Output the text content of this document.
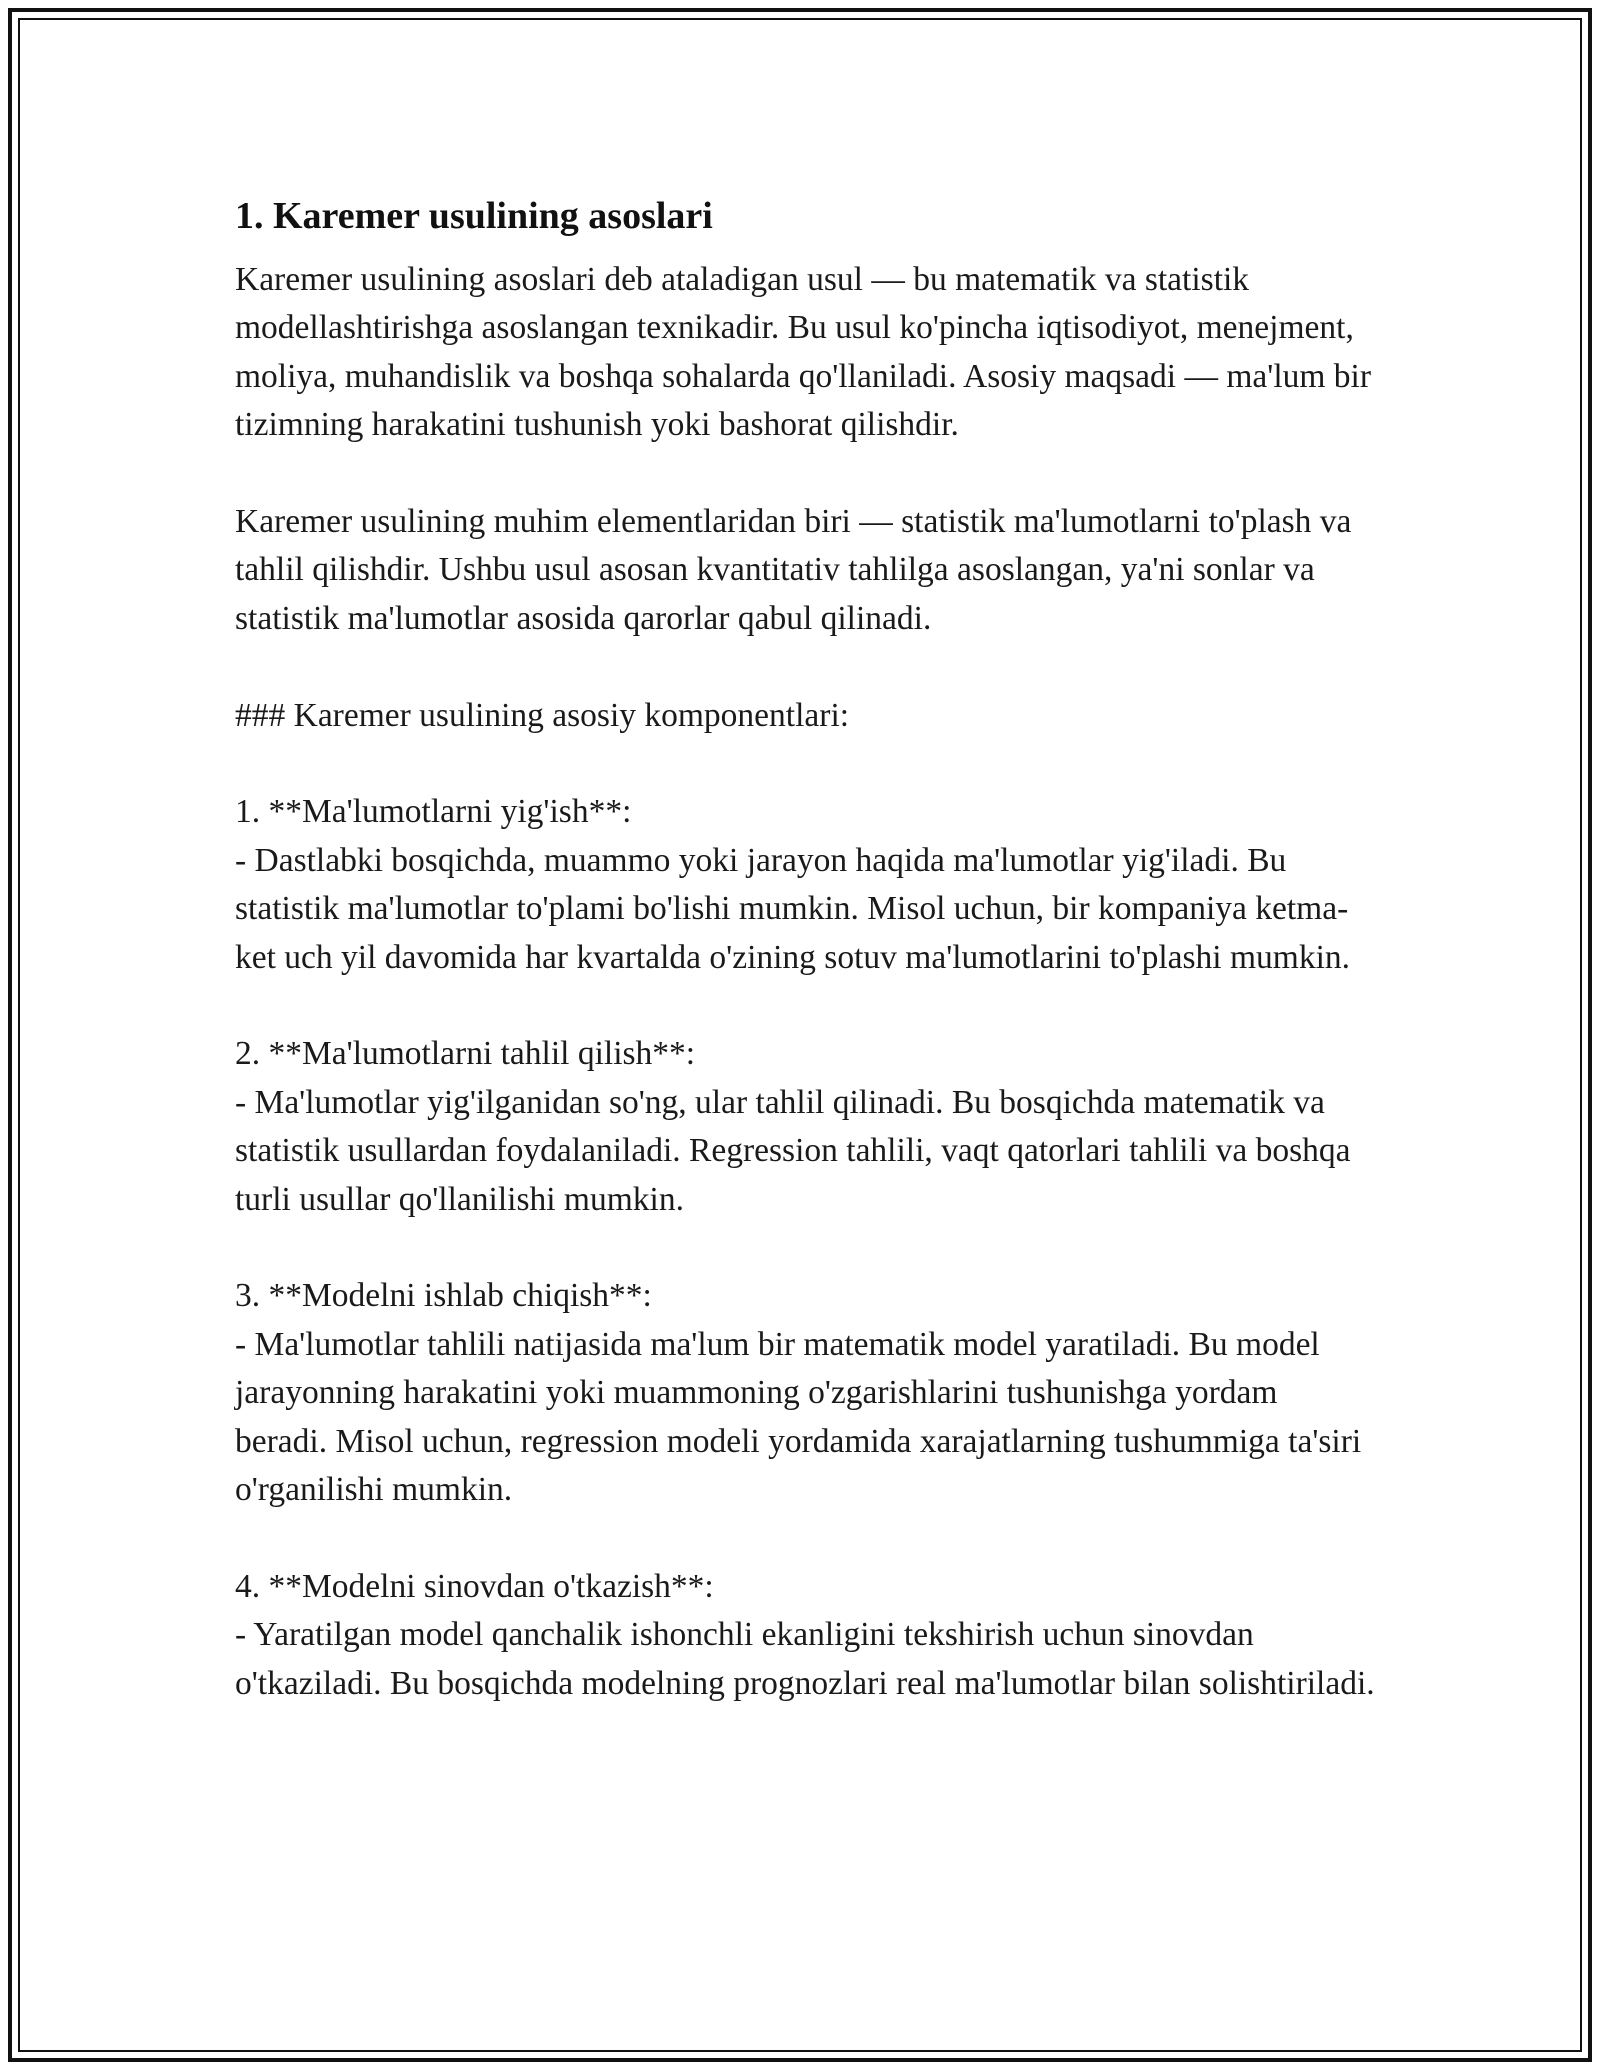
1. Karemer usulining asoslari

Karemer usulining asoslari deb ataladigan usul — bu matematik va statistik modellashtirishga asoslangan texnikadir. Bu usul ko'pincha iqtisodiyot, menejment, moliya, muhandislik va boshqa sohalarda qo'llaniladi. Asosiy maqsadi — ma'lum bir tizimning harakatini tushunish yoki bashorat qilishdir.

Karemer usulining muhim elementlaridan biri — statistik ma'lumotlarni to'plash va tahlil qilishdir. Ushbu usul asosan kvantitativ tahlilga asoslangan, ya'ni sonlar va statistik ma'lumotlar asosida qarorlar qabul qilinadi.

### Karemer usulining asosiy komponentlari:

1. **Ma'lumotlarni yig'ish**:
- Dastlabki bosqichda, muammo yoki jarayon haqida ma'lumotlar yig'iladi. Bu statistik ma'lumotlar to'plami bo'lishi mumkin. Misol uchun, bir kompaniya ketma-ket uch yil davomida har kvartalda o'zining sotuv ma'lumotlarini to'plashi mumkin.

2. **Ma'lumotlarni tahlil qilish**:
- Ma'lumotlar yig'ilganidan so'ng, ular tahlil qilinadi. Bu bosqichda matematik va statistik usullardan foydalaniladi. Regression tahlili, vaqt qatorlari tahlili va boshqa turli usullar qo'llanilishi mumkin.

3. **Modelni ishlab chiqish**:
- Ma'lumotlar tahlili natijasida ma'lum bir matematik model yaratiladi. Bu model jarayonning harakatini yoki muammoning o'zgarishlarini tushunishga yordam beradi. Misol uchun, regression modeli yordamida xarajatlarning tushummiga ta'siri o'rganilishi mumkin.

4. **Modelni sinovdan o'tkazish**:
- Yaratilgan model qanchalik ishonchli ekanligini tekshirish uchun sinovdan o'tkaziladi. Bu bosqichda modelning prognozlari real ma'lumotlar bilan solishtiriladi.
